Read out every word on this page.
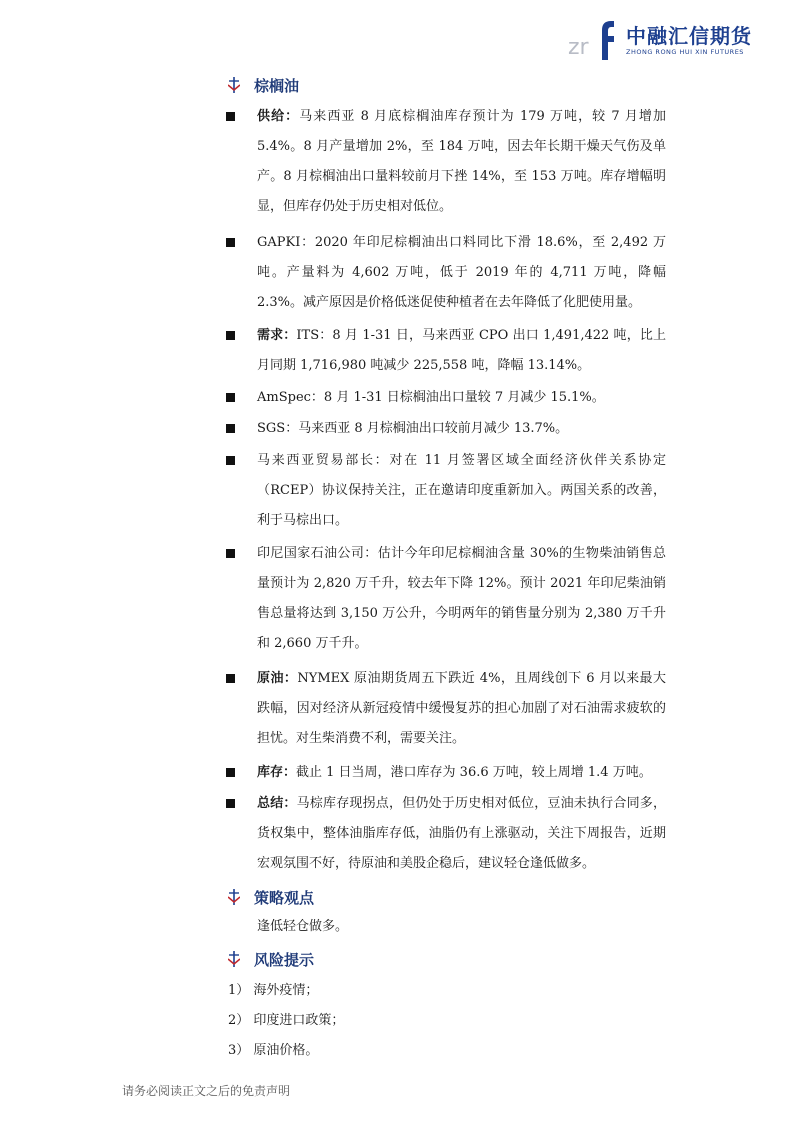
zr 中融汇信期货
ZHONG RONG HUI XIN FUTURES
棕榈油
供给：马来西亚 8 月底棕榈油库存预计为 179 万吨，较 7 月增加 5.4%。8 月产量增加 2%，至 184 万吨，因去年长期干燥天气伤及单产。8 月棕榈油出口量料较前月下挫 14%，至 153 万吨。库存增幅明显，但库存仍处于历史相对低位。
GAPKI：2020 年印尼棕榈油出口料同比下滑 18.6%，至 2,492 万吨。产量料为 4,602 万吨，低于 2019 年的 4,711 万吨，降幅 2.3%。减产原因是价格低迷促使种植者在去年降低了化肥使用量。
需求：ITS：8 月 1-31 日，马来西亚 CPO 出口 1,491,422 吨，比上月同期 1,716,980 吨减少 225,558 吨，降幅 13.14%。
AmSpec：8 月 1-31 日棕榈油出口量较 7 月减少 15.1%。
SGS：马来西亚 8 月棕榈油出口较前月减少 13.7%。
马来西亚贸易部长：对在 11 月签署区域全面经济伙伴关系协定（RCEP）协议保持关注，正在邀请印度重新加入。两国关系的改善，利于马棕出口。
印尼国家石油公司：估计今年印尼棕榈油含量 30%的生物柴油销售总量预计为 2,820 万千升，较去年下降 12%。预计 2021 年印尼柴油销售总量将达到 3,150 万公升，今明两年的销售量分别为 2,380 万千升和 2,660 万千升。
原油：NYMEX 原油期货周五下跌近 4%，且周线创下 6 月以来最大跌幅，因对经济从新冠疫情中缓慢复苏的担心加剧了对石油需求疲软的担忧。对生柴消费不利，需要关注。
库存：截止 1 日当周，港口库存为 36.6 万吨，较上周增 1.4 万吨。
总结：马棕库存现拐点，但仍处于历史相对低位，豆油未执行合同多，货权集中，整体油脂库存低，油脂仍有上涨驱动，关注下周报告，近期宏观氛围不好，待原油和美股企稳后，建议轻仓逢低做多。
策略观点
逢低轻仓做多。
风险提示
1） 海外疫情；
2） 印度进口政策；
3） 原油价格。
请务必阅读正文之后的免责声明
